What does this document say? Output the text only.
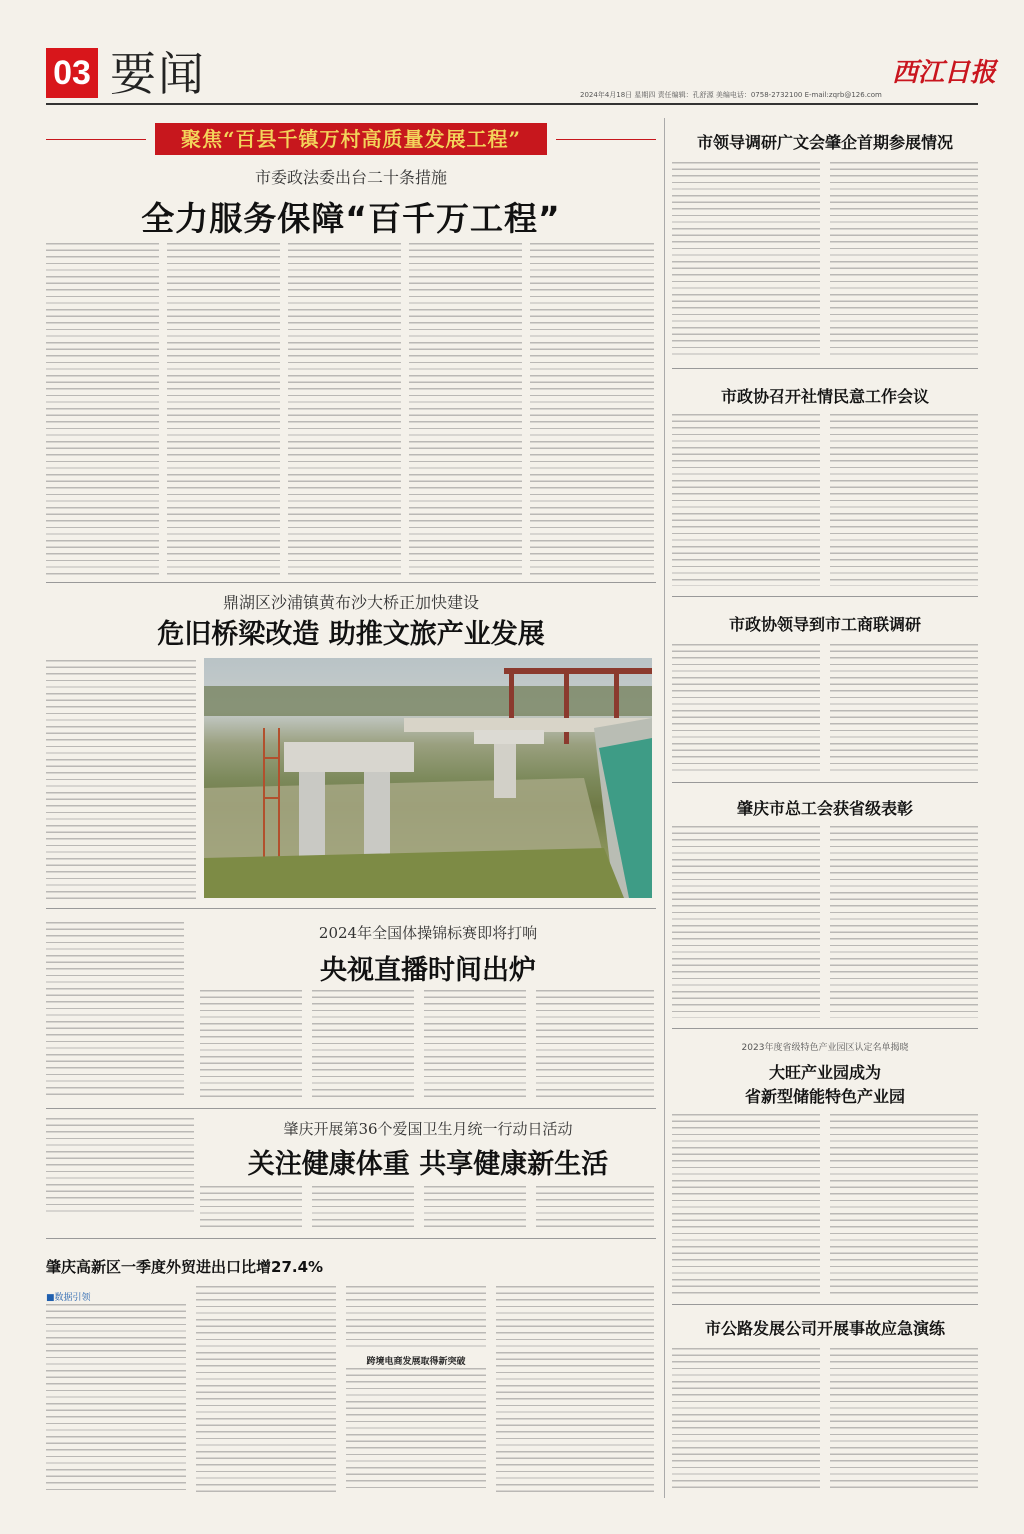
03 要闻	2024年4月18日 星期四 责任编辑：孔舒源 美编电话：0758-2732100 E-mail:zqrb@126.com
西江日报
聚焦“百县千镇万村高质量发展工程”
市委政法委出台二十条措施
全力服务保障“百千万工程”
鼎湖区沙浦镇黄布沙大桥正加快建设
危旧桥梁改造 助推文旅产业发展
2024年全国体操锦标赛即将打响
央视直播时间出炉
肇庆开展第36个爱国卫生月统一行动日活动
关注健康体重 共享健康新生活
肇庆高新区一季度外贸进出口比增27.4%
■数据引领
跨境电商发展取得新突破
市领导调研广文会肇企首期参展情况
市政协召开社情民意工作会议
市政协领导到市工商联调研
肇庆市总工会获省级表彰
2023年度省级特色产业园区认定名单揭晓
大旺产业园成为
省新型储能特色产业园
市公路发展公司开展事故应急演练
